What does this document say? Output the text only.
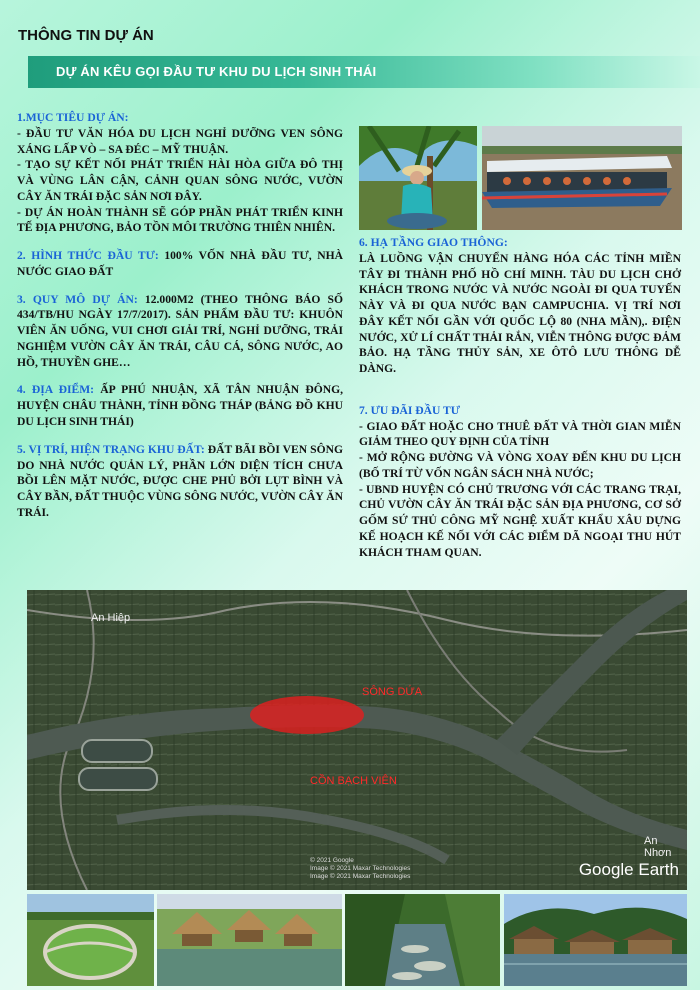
THÔNG TIN DỰ ÁN
DỰ ÁN KÊU GỌI ĐẦU TƯ KHU DU LỊCH SINH THÁI
1.MỤC TIÊU DỰ ÁN:
- ĐẦU TƯ VĂN HÓA DU LỊCH NGHỈ DƯỠNG VEN SÔNG XÁNG LẤP VÒ – SA ĐÉC – MỸ THUẬN.
- TẠO SỰ KẾT NỐI PHÁT TRIỂN HÀI HÒA GIỮA ĐÔ THỊ VÀ VÙNG LÂN CẬN, CẢNH QUAN SÔNG NƯỚC, VƯỜN CÂY ĂN TRÁI ĐẶC SẢN NƠI ĐÂY.
- DỰ ÁN HOÀN THÀNH SẼ GÓP PHẦN PHÁT TRIỂN KINH TẾ ĐỊA PHƯƠNG, BẢO TỒN MÔI TRƯỜNG THIÊN NHIÊN.
2. HÌNH THỨC ĐẦU TƯ: 100% VỐN NHÀ ĐẦU TƯ, NHÀ NƯỚC GIAO ĐẤT
3. QUY MÔ DỰ ÁN: 12.000M2 (THEO THÔNG BÁO SỐ 434/TB/HU NGÀY 17/7/2017). SẢN PHẨM ĐẦU TƯ: KHUÔN VIÊN ĂN UỐNG, VUI CHƠI GIẢI TRÍ, NGHỈ DƯỠNG, TRẢI NGHIỆM VƯỜN CÂY ĂN TRÁI, CÂU CÁ, SÔNG NƯỚC, AO HỒ, THUYỀN GHE…
4. ĐỊA ĐIỂM: ẤP PHÚ NHUẬN, XÃ TÂN NHUẬN ĐÔNG, HUYỆN CHÂU THÀNH, TỈNH ĐỒNG THÁP (BẢNG ĐỒ KHU DU LỊCH SINH THÁI)
5. VỊ TRÍ, HIỆN TRẠNG KHU ĐẤT: ĐẤT BÃI BỒI VEN SÔNG DO NHÀ NƯỚC QUẢN LÝ, PHẦN LỚN DIỆN TÍCH CHƯA BỒI LÊN MẶT NƯỚC, ĐƯỢC CHE PHỦ BỞI LỤT BÌNH VÀ CÂY BẦN, ĐẤT THUỘC VÙNG SÔNG NƯỚC, VƯỜN CÂY ĂN TRÁI.
6. HẠ TẦNG GIAO THÔNG:
LÀ LUỒNG VẬN CHUYỂN HÀNG HÓA CÁC TỈNH MIỀN TÂY ĐI THÀNH PHỐ HỒ CHÍ MINH. TÀU DU LỊCH CHỞ KHÁCH TRONG NƯỚC VÀ NƯỚC NGOÀI ĐI QUA TUYẾN NÀY VÀ ĐI QUA NƯỚC BẠN CAMPUCHIA. VỊ TRÍ NƠI ĐÂY KẾT NỐI GẦN VỚI QUỐC LỘ 80 (NHA MẦN),. ĐIỆN NƯỚC, XỬ LÍ CHẤT THẢI RẮN, VIỄN THÔNG ĐƯỢC ĐẢM BẢO. HẠ TẦNG THỦY SẢN, XE ÔTÔ LƯU THÔNG DỄ DÀNG.
7. ƯU ĐÃI ĐẦU TƯ
- GIAO ĐẤT HOẶC CHO THUÊ ĐẤT VÀ THỜI GIAN MIỄN GIẢM THEO QUY ĐỊNH CỦA TỈNH
- MỞ RỘNG ĐƯỜNG VÀ VÒNG XOAY ĐẾN KHU DU LỊCH (BỐ TRÍ TỪ VỐN NGÂN SÁCH NHÀ NƯỚC;
- UBND HUYỆN CÓ CHỦ TRƯƠNG VỚI CÁC TRANG TRẠI, CHỦ VƯỜN CÂY ĂN TRÁI ĐẶC SẢN ĐỊA PHƯƠNG, CƠ SỞ GỐM SỨ THỦ CÔNG MỸ NGHỆ XUẤT KHẨU XÂU DỰNG KẾ HOẠCH KẾ NỐI VỚI CÁC ĐIỂM DÃ NGOẠI THU HÚT KHÁCH THAM QUAN.
An Hiệp
SÔNG DỨA
CỒN BẠCH VIÊN
An Nhơn
© 2021 Google
Image © 2021 Maxar Technologies
Image © 2021 Maxar Technologies	Google Earth
